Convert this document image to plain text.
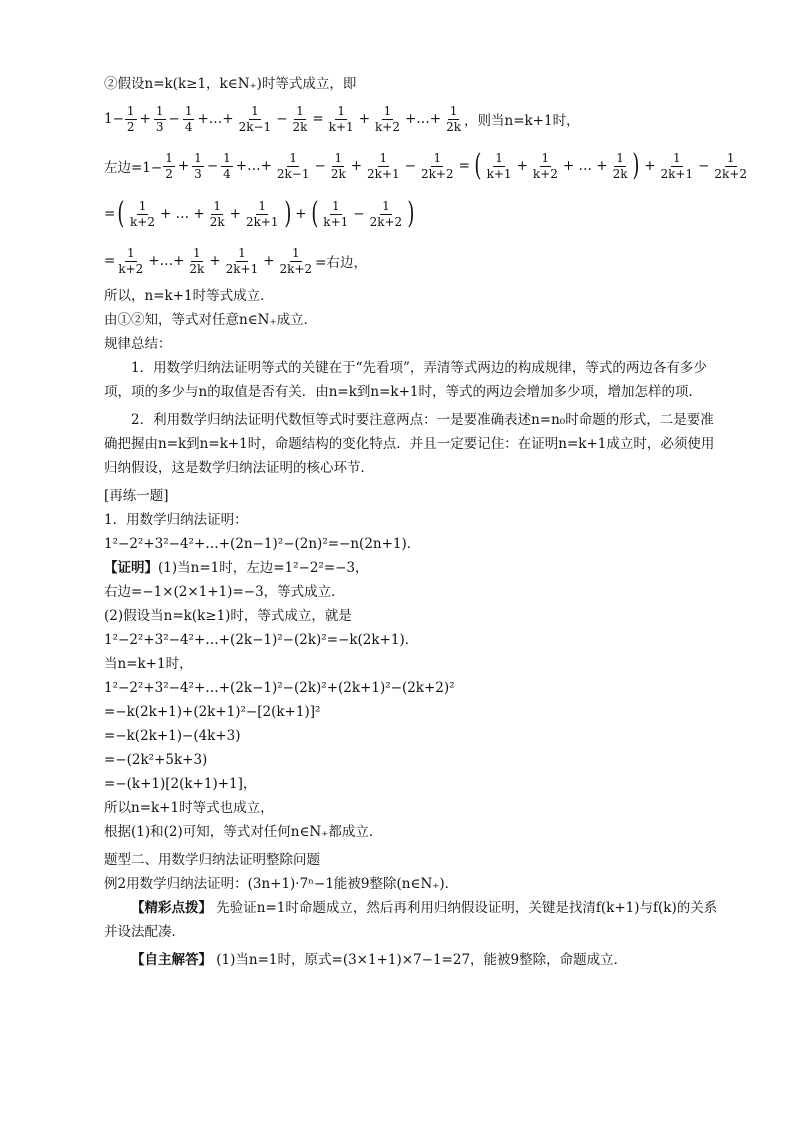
②假设n=k(k≥1，k∈N₊)时等式成立，即
$1- \frac{1}{2} + \frac{1}{3} - \frac{1}{4}$ +…+ $\frac{1}{2k-1} - \frac{1}{2k} = \frac{1}{k+1} + \frac{1}{k+2}$ +…+ $\frac{1}{2k}$ ，则当n=k+1时，
左边$=1- \frac{1}{2} + \frac{1}{3} - \frac{1}{4}$ +…+ $\frac{1}{2k-1} - \frac{1}{2k} + \frac{1}{2k+1} - \frac{1}{2k+2}$ = ( $\frac{1}{k+1} + \frac{1}{k+2}$ + … + $\frac{1}{2k}$ ) + $\frac{1}{2k+1} - \frac{1}{2k+2}$
= ( $\frac{1}{k+2}$ + … + $\frac{1}{2k} + \frac{1}{2k+1}$ ) + ( $\frac{1}{k+1} - \frac{1}{2k+2}$ )
= $\frac{1}{k+2}$ +…+ $\frac{1}{2k} + \frac{1}{2k+1} + \frac{1}{2k+2}$ =右边，
所以，n=k+1时等式成立．
由①②知，等式对任意n∈N₊成立．
规律总结：
1．用数学归纳法证明等式的关键在于“先看项”，弄清等式两边的构成规律，等式的两边各有多少项，项的多少与n的取值是否有关．由n=k到n=k+1时，等式的两边会增加多少项，增加怎样的项．
2．利用数学归纳法证明代数恒等式时要注意两点：一是要准确表述n=n₀时命题的形式，二是要准确把握由n=k到n=k+1时，命题结构的变化特点．并且一定要记住：在证明n=k+1成立时，必须使用归纳假设，这是数学归纳法证明的核心环节．
[再练一题]
1．用数学归纳法证明：
1²−2²+3²−4²+…+(2n−1)²−(2n)²=−n(2n+1)．
【证明】 (1)当n=1时，左边=1²−2²=−3，
右边=−1×(2×1+1)=−3，等式成立．
(2)假设当n=k(k≥1)时，等式成立，就是
1²−2²+3²−4²+…+(2k−1)²−(2k)²=−k(2k+1)．
当n=k+1时，
1²−2²+3²−4²+…+(2k−1)²−(2k)²+(2k+1)²−(2k+2)²
=−k(2k+1)+(2k+1)²−[2(k+1)]²
=−k(2k+1)−(4k+3)
=−(2k²+5k+3)
=−(k+1)[2(k+1)+1]，
所以n=k+1时等式也成立，
根据(1)和(2)可知，等式对任何n∈N₊都成立．
题型二、用数学归纳法证明整除问题
例2用数学归纳法证明：(3n+1)·7ⁿ−1能被9整除(n∈N₊)．
【精彩点拨】 先验证n=1时命题成立，然后再利用归纳假设证明，关键是找清f(k+1)与f(k)的关系并设法配凑．
【自主解答】 (1)当n=1时，原式=(3×1+1)×7−1=27，能被9整除，命题成立．
